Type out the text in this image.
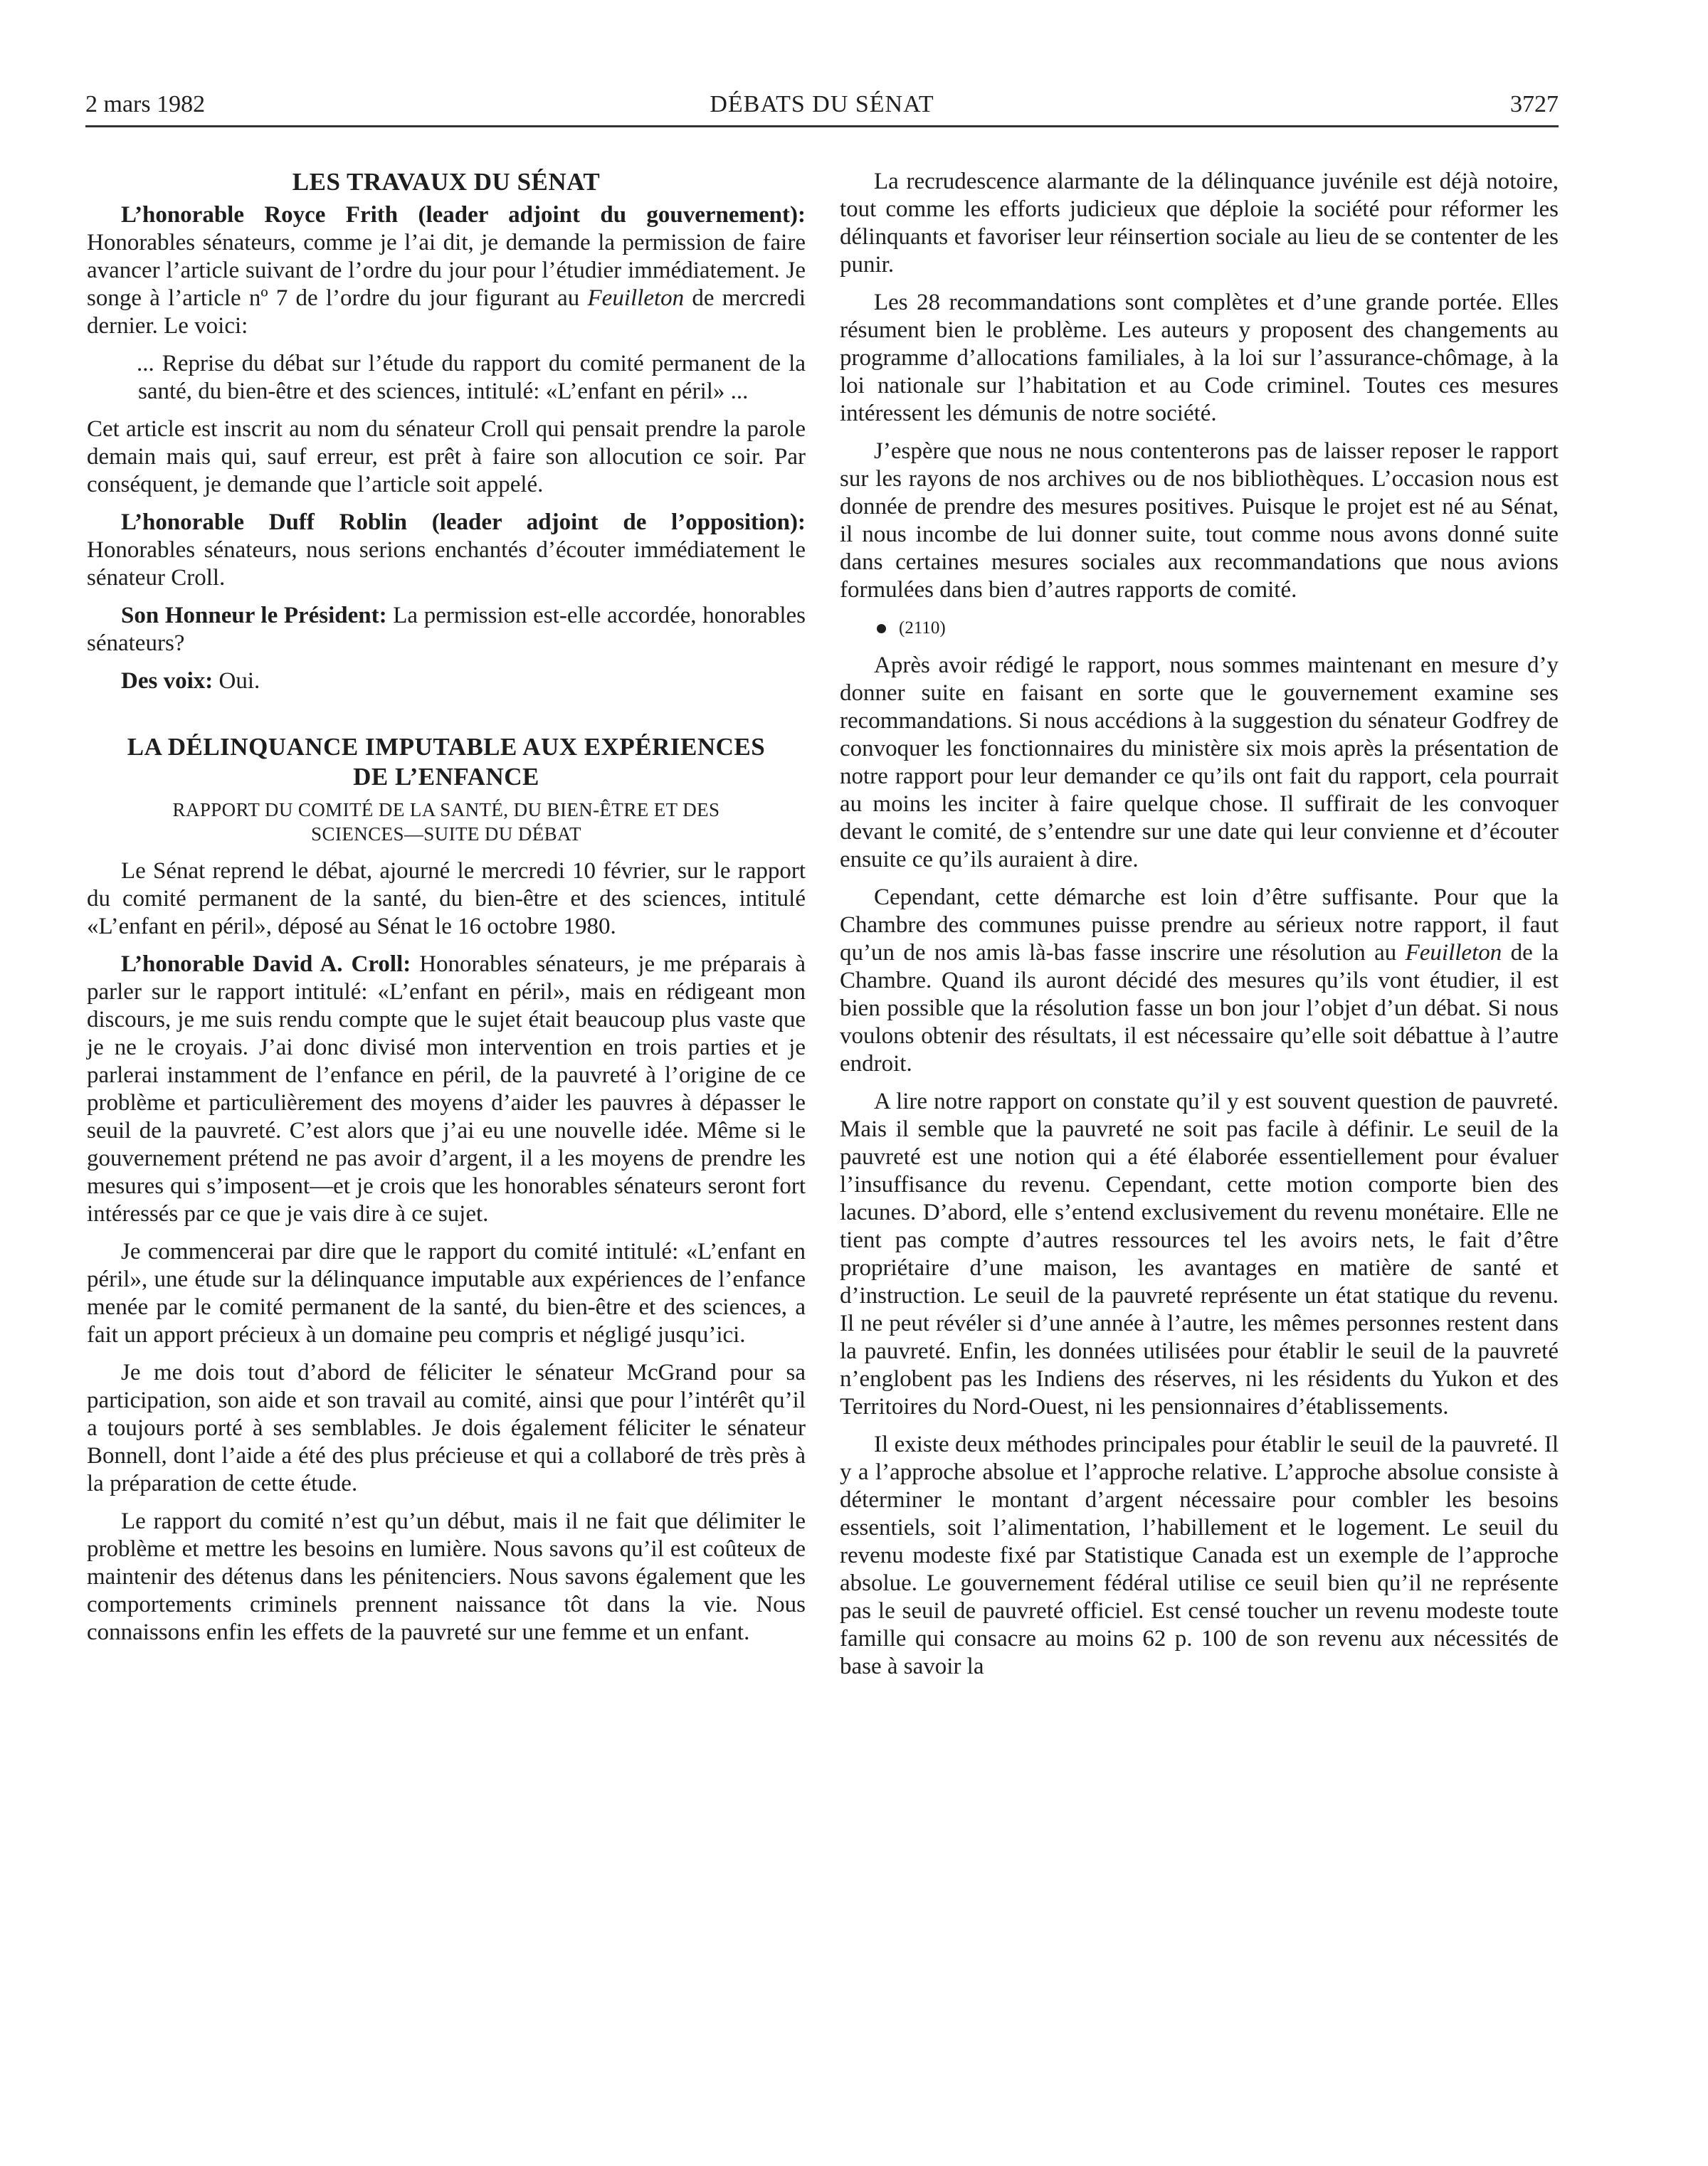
2 mars 1982	DÉBATS DU SÉNAT	3727
LES TRAVAUX DU SÉNAT

L’honorable Royce Frith (leader adjoint du gouvernement): Honorables sénateurs, comme je l’ai dit, je demande la permission de faire avancer l’article suivant de l’ordre du jour pour l’étudier immédiatement. Je songe à l’article nº 7 de l’ordre du jour figurant au Feuilleton de mercredi dernier. Le voici:

... Reprise du débat sur l’étude du rapport du comité permanent de la santé, du bien-être et des sciences, intitulé: «L’enfant en péril» ...

Cet article est inscrit au nom du sénateur Croll qui pensait prendre la parole demain mais qui, sauf erreur, est prêt à faire son allocution ce soir. Par conséquent, je demande que l’article soit appelé.

L’honorable Duff Roblin (leader adjoint de l’opposition): Honorables sénateurs, nous serions enchantés d’écouter immédiatement le sénateur Croll.

Son Honneur le Président: La permission est-elle accordée, honorables sénateurs?

Des voix: Oui.

LA DÉLINQUANCE IMPUTABLE AUX EXPÉRIENCES
DE L’ENFANCE
RAPPORT DU COMITÉ DE LA SANTÉ, DU BIEN-ÊTRE ET DES
SCIENCES—SUITE DU DÉBAT

Le Sénat reprend le débat, ajourné le mercredi 10 février, sur le rapport du comité permanent de la santé, du bien-être et des sciences, intitulé «L’enfant en péril», déposé au Sénat le 16 octobre 1980.

L’honorable David A. Croll: Honorables sénateurs, je me préparais à parler sur le rapport intitulé: «L’enfant en péril», mais en rédigeant mon discours, je me suis rendu compte que le sujet était beaucoup plus vaste que je ne le croyais. J’ai donc divisé mon intervention en trois parties et je parlerai instamment de l’enfance en péril, de la pauvreté à l’origine de ce problème et particulièrement des moyens d’aider les pauvres à dépasser le seuil de la pauvreté. C’est alors que j’ai eu une nouvelle idée. Même si le gouvernement prétend ne pas avoir d’argent, il a les moyens de prendre les mesures qui s’imposent—et je crois que les honorables sénateurs seront fort intéressés par ce que je vais dire à ce sujet.

Je commencerai par dire que le rapport du comité intitulé: «L’enfant en péril», une étude sur la délinquance imputable aux expériences de l’enfance menée par le comité permanent de la santé, du bien-être et des sciences, a fait un apport précieux à un domaine peu compris et négligé jusqu’ici.

Je me dois tout d’abord de féliciter le sénateur McGrand pour sa participation, son aide et son travail au comité, ainsi que pour l’intérêt qu’il a toujours porté à ses semblables. Je dois également féliciter le sénateur Bonnell, dont l’aide a été des plus précieuse et qui a collaboré de très près à la préparation de cette étude.

Le rapport du comité n’est qu’un début, mais il ne fait que délimiter le problème et mettre les besoins en lumière. Nous savons qu’il est coûteux de maintenir des détenus dans les pénitenciers. Nous savons également que les comportements criminels prennent naissance tôt dans la vie. Nous connaissons enfin les effets de la pauvreté sur une femme et un enfant.

La recrudescence alarmante de la délinquance juvénile est déjà notoire, tout comme les efforts judicieux que déploie la société pour réformer les délinquants et favoriser leur réinsertion sociale au lieu de se contenter de les punir.

Les 28 recommandations sont complètes et d’une grande portée. Elles résument bien le problème. Les auteurs y proposent des changements au programme d’allocations familiales, à la loi sur l’assurance-chômage, à la loi nationale sur l’habitation et au Code criminel. Toutes ces mesures intéressent les démunis de notre société.

J’espère que nous ne nous contenterons pas de laisser reposer le rapport sur les rayons de nos archives ou de nos bibliothèques. L’occasion nous est donnée de prendre des mesures positives. Puisque le projet est né au Sénat, il nous incombe de lui donner suite, tout comme nous avons donné suite dans certaines mesures sociales aux recommandations que nous avions formulées dans bien d’autres rapports de comité.

(2110)

Après avoir rédigé le rapport, nous sommes maintenant en mesure d’y donner suite en faisant en sorte que le gouvernement examine ses recommandations. Si nous accédions à la suggestion du sénateur Godfrey de convoquer les fonctionnaires du ministère six mois après la présentation de notre rapport pour leur demander ce qu’ils ont fait du rapport, cela pourrait au moins les inciter à faire quelque chose. Il suffirait de les convoquer devant le comité, de s’entendre sur une date qui leur convienne et d’écouter ensuite ce qu’ils auraient à dire.

Cependant, cette démarche est loin d’être suffisante. Pour que la Chambre des communes puisse prendre au sérieux notre rapport, il faut qu’un de nos amis là-bas fasse inscrire une résolution au Feuilleton de la Chambre. Quand ils auront décidé des mesures qu’ils vont étudier, il est bien possible que la résolution fasse un bon jour l’objet d’un débat. Si nous voulons obtenir des résultats, il est nécessaire qu’elle soit débattue à l’autre endroit.

A lire notre rapport on constate qu’il y est souvent question de pauvreté. Mais il semble que la pauvreté ne soit pas facile à définir. Le seuil de la pauvreté est une notion qui a été élaborée essentiellement pour évaluer l’insuffisance du revenu. Cependant, cette motion comporte bien des lacunes. D’abord, elle s’entend exclusivement du revenu monétaire. Elle ne tient pas compte d’autres ressources tel les avoirs nets, le fait d’être propriétaire d’une maison, les avantages en matière de santé et d’instruction. Le seuil de la pauvreté représente un état statique du revenu. Il ne peut révéler si d’une année à l’autre, les mêmes personnes restent dans la pauvreté. Enfin, les données utilisées pour établir le seuil de la pauvreté n’englobent pas les Indiens des réserves, ni les résidents du Yukon et des Territoires du Nord-Ouest, ni les pensionnaires d’établissements.

Il existe deux méthodes principales pour établir le seuil de la pauvreté. Il y a l’approche absolue et l’approche relative. L’approche absolue consiste à déterminer le montant d’argent nécessaire pour combler les besoins essentiels, soit l’alimentation, l’habillement et le logement. Le seuil du revenu modeste fixé par Statistique Canada est un exemple de l’approche absolue. Le gouvernement fédéral utilise ce seuil bien qu’il ne représente pas le seuil de pauvreté officiel. Est censé toucher un revenu modeste toute famille qui consacre au moins 62 p. 100 de son revenu aux nécessités de base à savoir la
